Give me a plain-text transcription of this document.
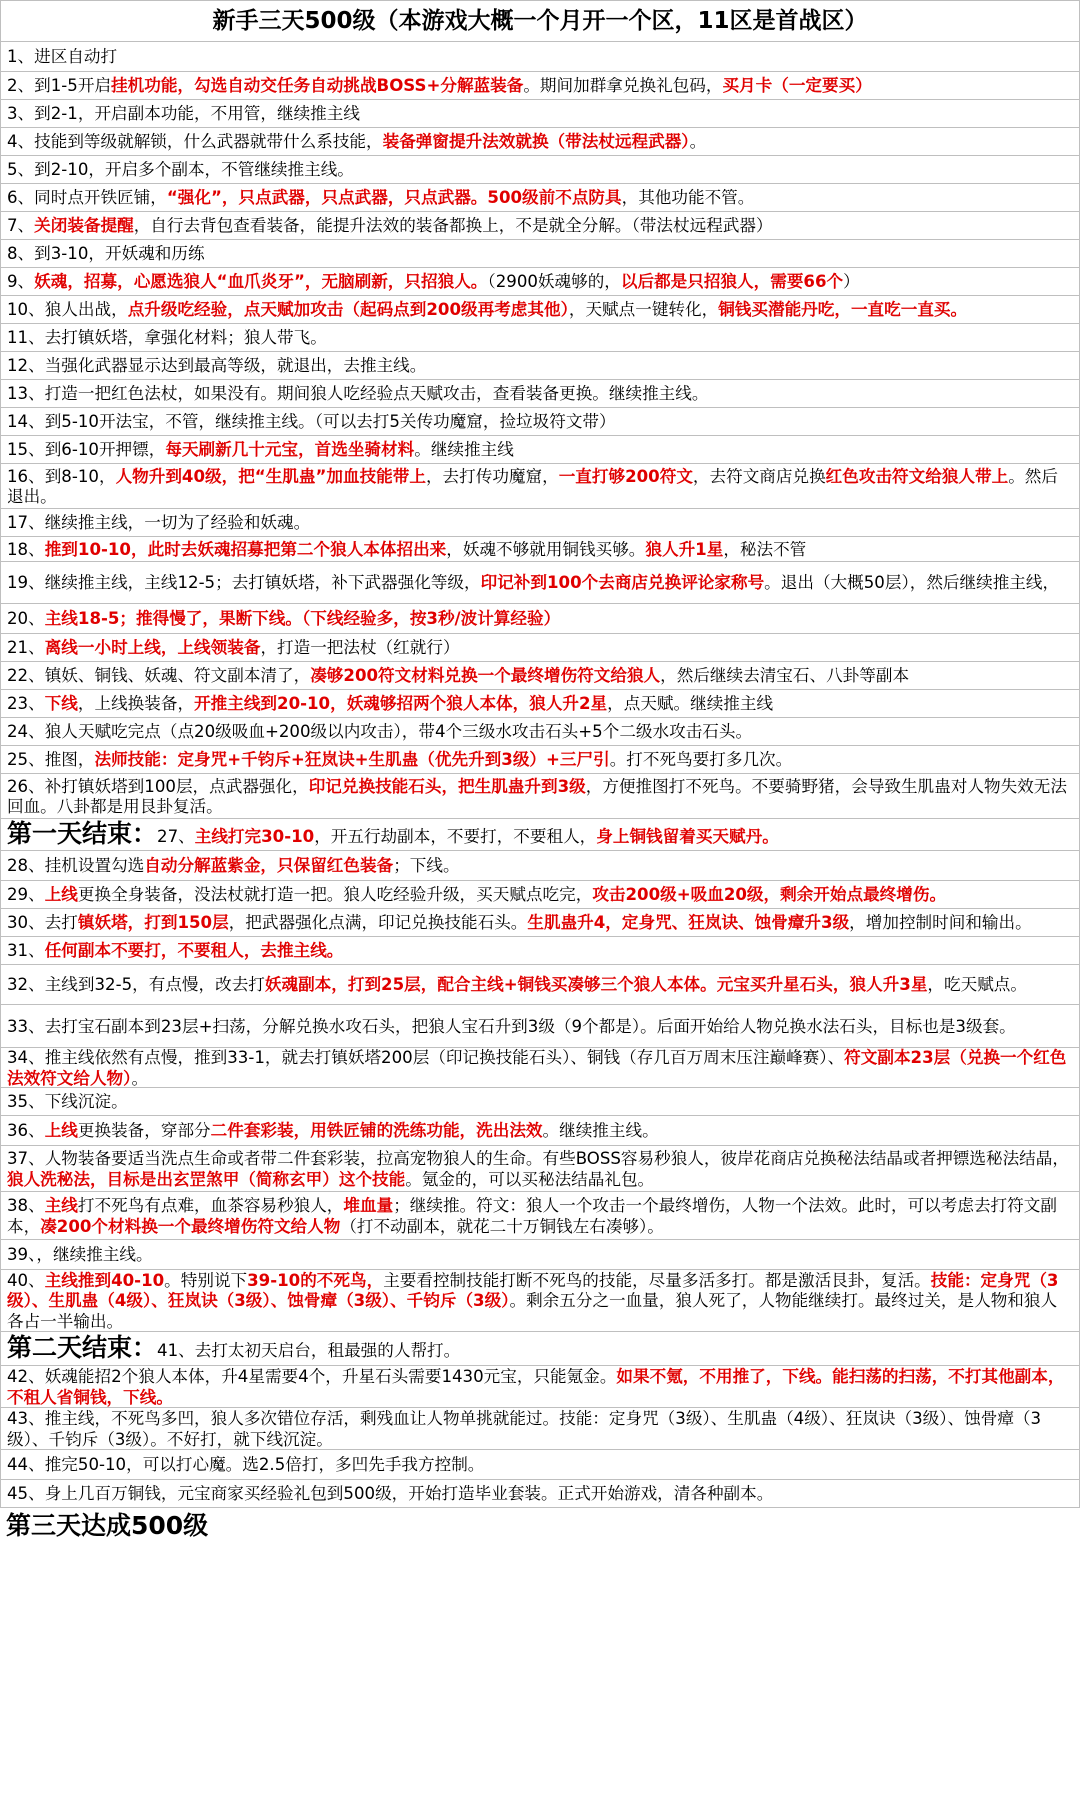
新手三天500级（本游戏大概一个月开一个区，11区是首战区）
1、进区自动打
2、到1-5开启挂机功能，勾选自动交任务自动挑战BOSS+分解蓝装备。期间加群拿兑换礼包码，买月卡（一定要买）
3、到2-1，开启副本功能，不用管，继续推主线
4、技能到等级就解锁，什么武器就带什么系技能，装备弹窗提升法效就换（带法杖远程武器）。
5、到2-10，开启多个副本，不管继续推主线。
6、同时点开铁匠铺，“强化”，只点武器，只点武器，只点武器。500级前不点防具，其他功能不管。
7、关闭装备提醒，自行去背包查看装备，能提升法效的装备都换上，不是就全分解。（带法杖远程武器）
8、到3-10，开妖魂和历练
9、妖魂，招募，心愿选狼人“血爪炎牙”，无脑刷新，只招狼人。（2900妖魂够的，以后都是只招狼人，需要66个）
10、狼人出战，点升级吃经验，点天赋加攻击（起码点到200级再考虑其他），天赋点一键转化，铜钱买潜能丹吃，一直吃一直买。
11、去打镇妖塔，拿强化材料；狼人带飞。
12、当强化武器显示达到最高等级，就退出，去推主线。
13、打造一把红色法杖，如果没有。期间狼人吃经验点天赋攻击，查看装备更换。继续推主线。
14、到5-10开法宝，不管，继续推主线。（可以去打5关传功魔窟，捡垃圾符文带）
15、到6-10开押镖，每天刷新几十元宝，首选坐骑材料。继续推主线
16、到8-10，人物升到40级，把“生肌蛊”加血技能带上，去打传功魔窟，一直打够200符文，去符文商店兑换红色攻击符文给狼人带上。然后退出。
17、继续推主线，一切为了经验和妖魂。
18、推到10-10，此时去妖魂招募把第二个狼人本体招出来，妖魂不够就用铜钱买够。狼人升1星，秘法不管
19、继续推主线，主线12-5；去打镇妖塔，补下武器强化等级，印记补到100个去商店兑换评论家称号。退出（大概50层），然后继续推主线，
20、主线18-5；推得慢了，果断下线。（下线经验多，按3秒/波计算经验）
21、离线一小时上线，上线领装备，打造一把法杖（红就行）
22、镇妖、铜钱、妖魂、符文副本清了，凑够200符文材料兑换一个最终增伤符文给狼人，然后继续去清宝石、八卦等副本
23、下线，上线换装备，开推主线到20-10，妖魂够招两个狼人本体，狼人升2星，点天赋。继续推主线
24、狼人天赋吃完点（点20级吸血+200级以内攻击），带4个三级水攻击石头+5个二级水攻击石头。
25、推图，法师技能：定身咒+千钧斥+狂岚诀+生肌蛊（优先升到3级）+三尸引。打不死鸟要打多几次。
26、补打镇妖塔到100层，点武器强化，印记兑换技能石头，把生肌蛊升到3级，方便推图打不死鸟。不要骑野猪，会导致生肌蛊对人物失效无法回血。八卦都是用艮卦复活。
第一天结束：27、主线打完30-10，开五行劫副本，不要打，不要租人，身上铜钱留着买天赋丹。
28、挂机设置勾选自动分解蓝紫金，只保留红色装备；下线。
29、上线更换全身装备，没法杖就打造一把。狼人吃经验升级，买天赋点吃完，攻击200级+吸血20级，剩余开始点最终增伤。
30、去打镇妖塔，打到150层，把武器强化点满，印记兑换技能石头。生肌蛊升4，定身咒、狂岚诀、蚀骨瘴升3级，增加控制时间和输出。
31、任何副本不要打，不要租人，去推主线。
32、主线到32-5，有点慢，改去打妖魂副本，打到25层，配合主线+铜钱买凑够三个狼人本体。元宝买升星石头，狼人升3星，吃天赋点。
33、去打宝石副本到23层+扫荡，分解兑换水攻石头，把狼人宝石升到3级（9个都是）。后面开始给人物兑换水法石头，目标也是3级套。
34、推主线依然有点慢，推到33-1，就去打镇妖塔200层（印记换技能石头）、铜钱（存几百万周末压注巅峰赛）、符文副本23层（兑换一个红色法效符文给人物）。
35、下线沉淀。
36、上线更换装备，穿部分二件套彩装，用铁匠铺的洗练功能，洗出法效。继续推主线。
37、人物装备要适当洗点生命或者带二件套彩装，拉高宠物狼人的生命。有些BOSS容易秒狼人，彼岸花商店兑换秘法结晶或者押镖选秘法结晶，狼人洗秘法，目标是出玄罡煞甲（简称玄甲）这个技能。氪金的，可以买秘法结晶礼包。
38、主线打不死鸟有点难，血茶容易秒狼人，堆血量；继续推。符文：狼人一个攻击一个最终增伤，人物一个法效。此时，可以考虑去打符文副本，凑200个材料换一个最终增伤符文给人物（打不动副本，就花二十万铜钱左右凑够）。
39、，继续推主线。
40、主线推到40-10。特别说下39-10的不死鸟，主要看控制技能打断不死鸟的技能，尽量多活多打。都是激活艮卦，复活。技能：定身咒（3级）、生肌蛊（4级）、狂岚诀（3级）、蚀骨瘴（3级）、千钧斥（3级）。剩余五分之一血量，狼人死了，人物能继续打。最终过关，是人物和狼人各占一半输出。
第二天结束：41、去打太初天启台，租最强的人帮打。
42、妖魂能招2个狼人本体，升4星需要4个，升星石头需要1430元宝，只能氪金。如果不氪，不用推了，下线。能扫荡的扫荡，不打其他副本，不租人省铜钱，下线。
43、推主线，不死鸟多凹，狼人多次错位存活，剩残血让人物单挑就能过。技能：定身咒（3级）、生肌蛊（4级）、狂岚诀（3级）、蚀骨瘴（3级）、千钧斥（3级）。不好打，就下线沉淀。
44、推完50-10，可以打心魔。选2.5倍打，多凹先手我方控制。
45、身上几百万铜钱，元宝商家买经验礼包到500级，开始打造毕业套装。正式开始游戏，清各种副本。
第三天达成500级
